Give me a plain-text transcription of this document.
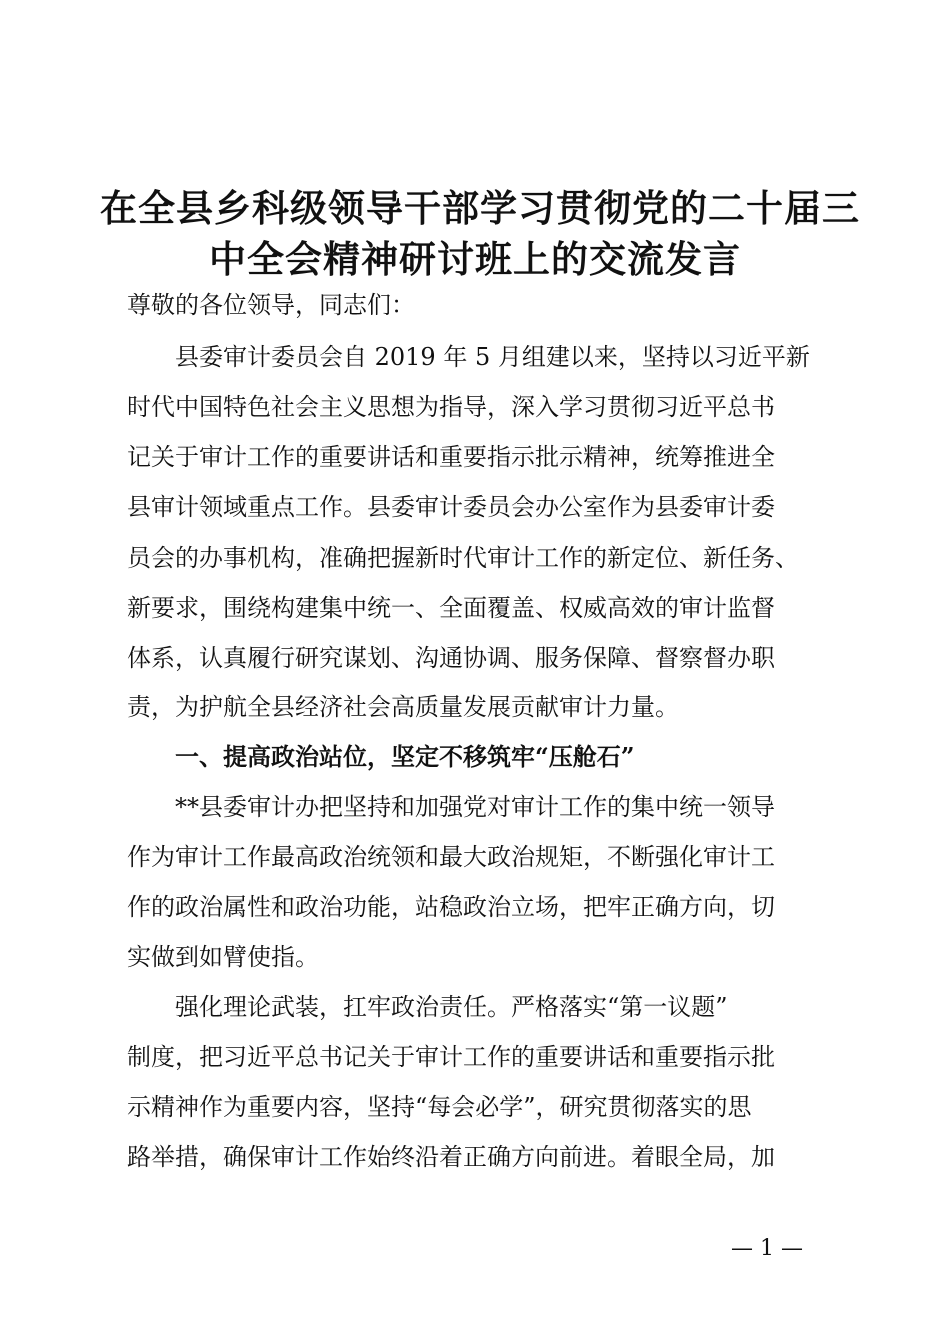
在全县乡科级领导干部学习贯彻党的二十届三
中全会精神研讨班上的交流发言
尊敬的各位领导，同志们：
　　县委审计委员会自 2019 年 5 月组建以来，坚持以习近平新
时代中国特色社会主义思想为指导，深入学习贯彻习近平总书
记关于审计工作的重要讲话和重要指示批示精神，统筹推进全
县审计领域重点工作。县委审计委员会办公室作为县委审计委
员会的办事机构，准确把握新时代审计工作的新定位、新任务、
新要求，围绕构建集中统一、全面覆盖、权威高效的审计监督
体系，认真履行研究谋划、沟通协调、服务保障、督察督办职
责，为护航全县经济社会高质量发展贡献审计力量。
　　一、提高政治站位，坚定不移筑牢“压舱石”
　　**县委审计办把坚持和加强党对审计工作的集中统一领导
作为审计工作最高政治统领和最大政治规矩，不断强化审计工
作的政治属性和政治功能，站稳政治立场，把牢正确方向，切
实做到如臂使指。
　　强化理论武装，扛牢政治责任。严格落实“第一议题”
制度，把习近平总书记关于审计工作的重要讲话和重要指示批
示精神作为重要内容，坚持“每会必学”，研究贯彻落实的思
路举措，确保审计工作始终沿着正确方向前进。着眼全局，加
— 1 —
